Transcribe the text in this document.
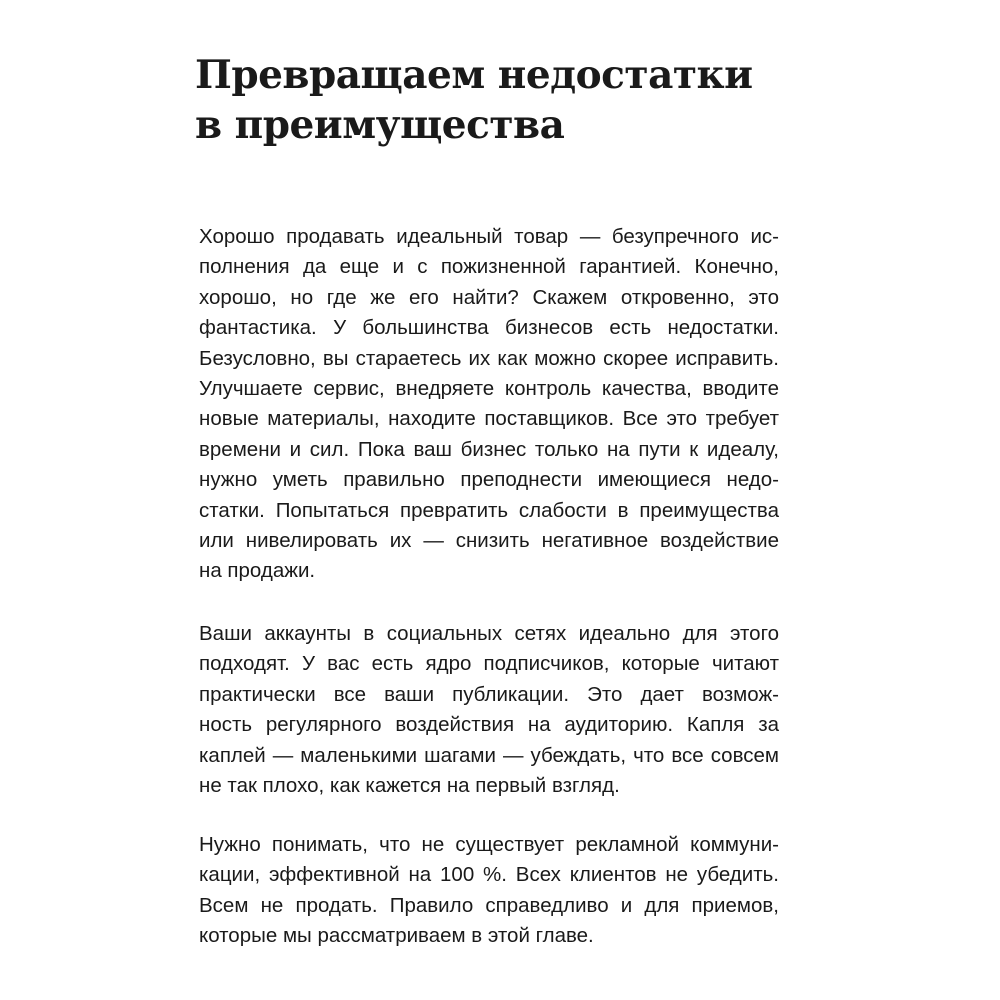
Превращаем недостатки
в преимущества
Хорошо продавать идеальный товар — безупречного ис-
полнения да еще и с пожизненной гарантией. Конечно,
хорошо, но где же его найти? Скажем откровенно, это
фантастика. У большинства бизнесов есть недостатки.
Безусловно, вы стараетесь их как можно скорее исправить.
Улучшаете сервис, внедряете контроль качества, вводите
новые материалы, находите поставщиков. Все это требует
времени и сил. Пока ваш бизнес только на пути к идеалу,
нужно уметь правильно преподнести имеющиеся недо-
статки. Попытаться превратить слабости в преимущества
или нивелировать их — снизить негативное воздействие
на продажи.
Ваши аккаунты в социальных сетях идеально для этого
подходят. У вас есть ядро подписчиков, которые читают
практически все ваши публикации. Это дает возмож-
ность регулярного воздействия на аудиторию. Капля за
каплей — маленькими шагами — убеждать, что все совсем
не так плохо, как кажется на первый взгляд.
Нужно понимать, что не существует рекламной коммуни-
кации, эффективной на 100 %. Всех клиентов не убедить.
Всем не продать. Правило справедливо и для приемов,
которые мы рассматриваем в этой главе.
